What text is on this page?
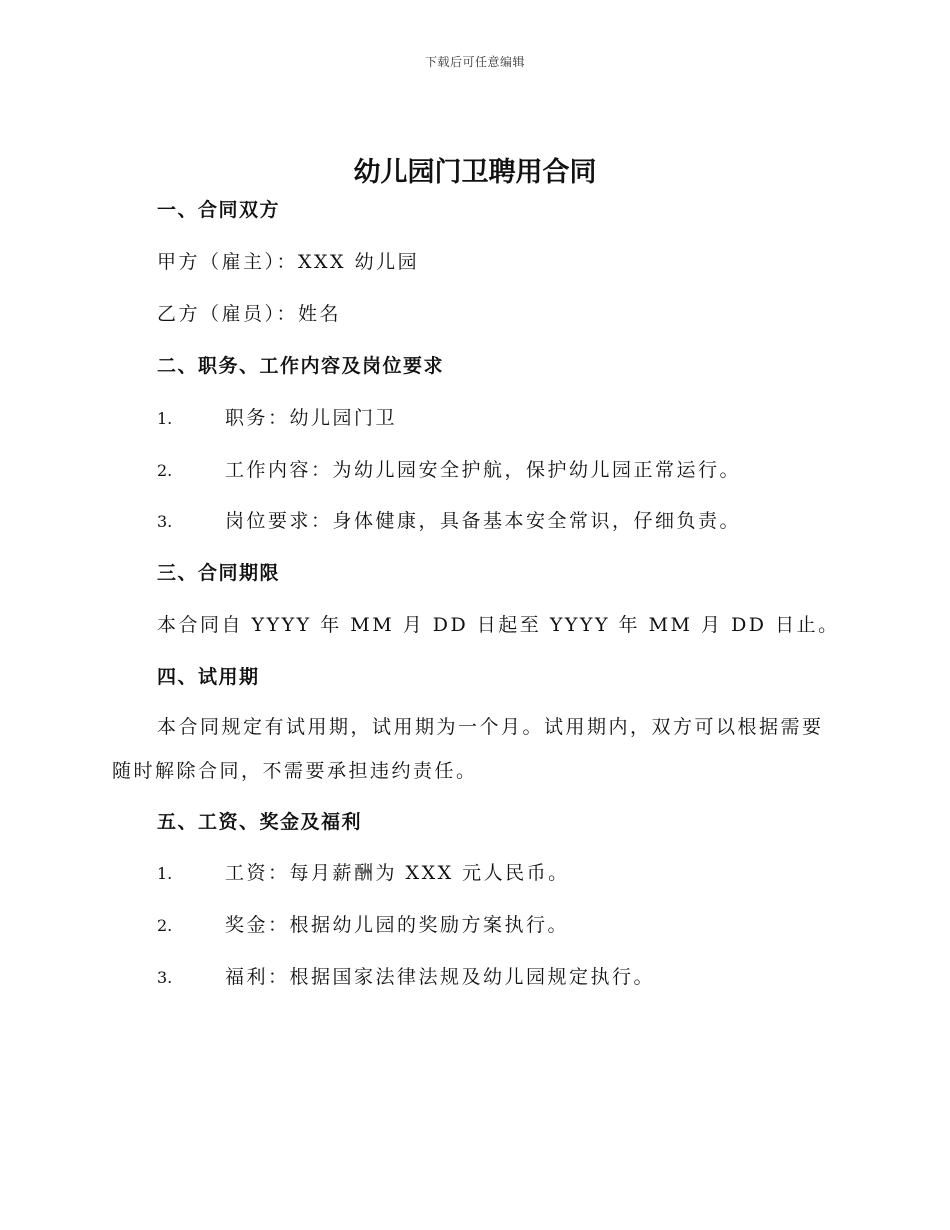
下载后可任意编辑
幼儿园门卫聘用合同
一、合同双方
甲方（雇主）：XXX 幼儿园
乙方（雇员）：姓名
二、职务、工作内容及岗位要求
1.	职务：幼儿园门卫
2.	工作内容：为幼儿园安全护航，保护幼儿园正常运行。
3.	岗位要求：身体健康，具备基本安全常识，仔细负责。
三、合同期限
本合同自 YYYY 年 MM 月 DD 日起至 YYYY 年 MM 月 DD 日止。
四、试用期
本合同规定有试用期，试用期为一个月。试用期内，双方可以根据需要
随时解除合同，不需要承担违约责任。
五、工资、奖金及福利
1.	工资：每月薪酬为 XXX 元人民币。
2.	奖金：根据幼儿园的奖励方案执行。
3.	福利：根据国家法律法规及幼儿园规定执行。
